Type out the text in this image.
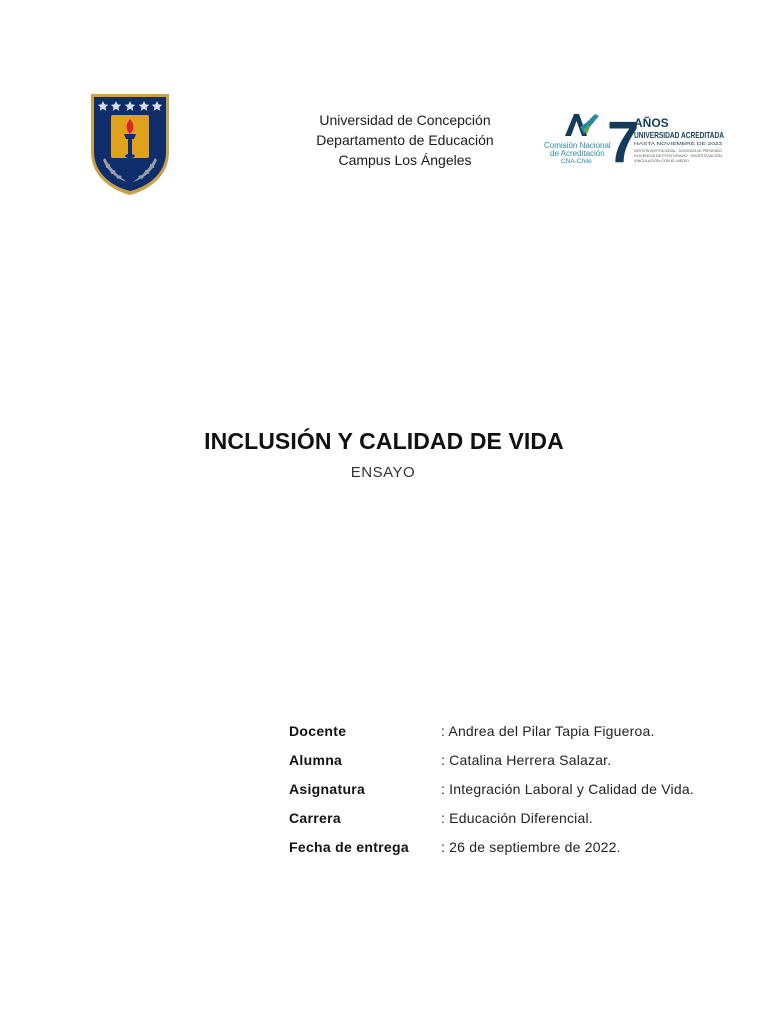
Universidad de Concepción
Departamento de Educación
Campus Los Ángeles
Comisión Nacional
de Acreditación
CNA-Chile 7
AÑOS
UNIVERSIDAD ACREDITADA
HASTA NOVIEMBRE DE 2023
GESTIÓN INSTITUCIONAL · DOCENCIA DE PREGRADO
DOCENCIA DE POSTGRADO · INVESTIGACIÓN
VINCULACIÓN CON EL MEDIO
INCLUSIÓN Y CALIDAD DE VIDA
ENSAYO
Docente	: Andrea del Pilar Tapia Figueroa.
Alumna	: Catalina Herrera Salazar.
Asignatura	: Integración Laboral y Calidad de Vida.
Carrera	: Educación Diferencial.
Fecha de entrega	: 26 de septiembre de 2022.
